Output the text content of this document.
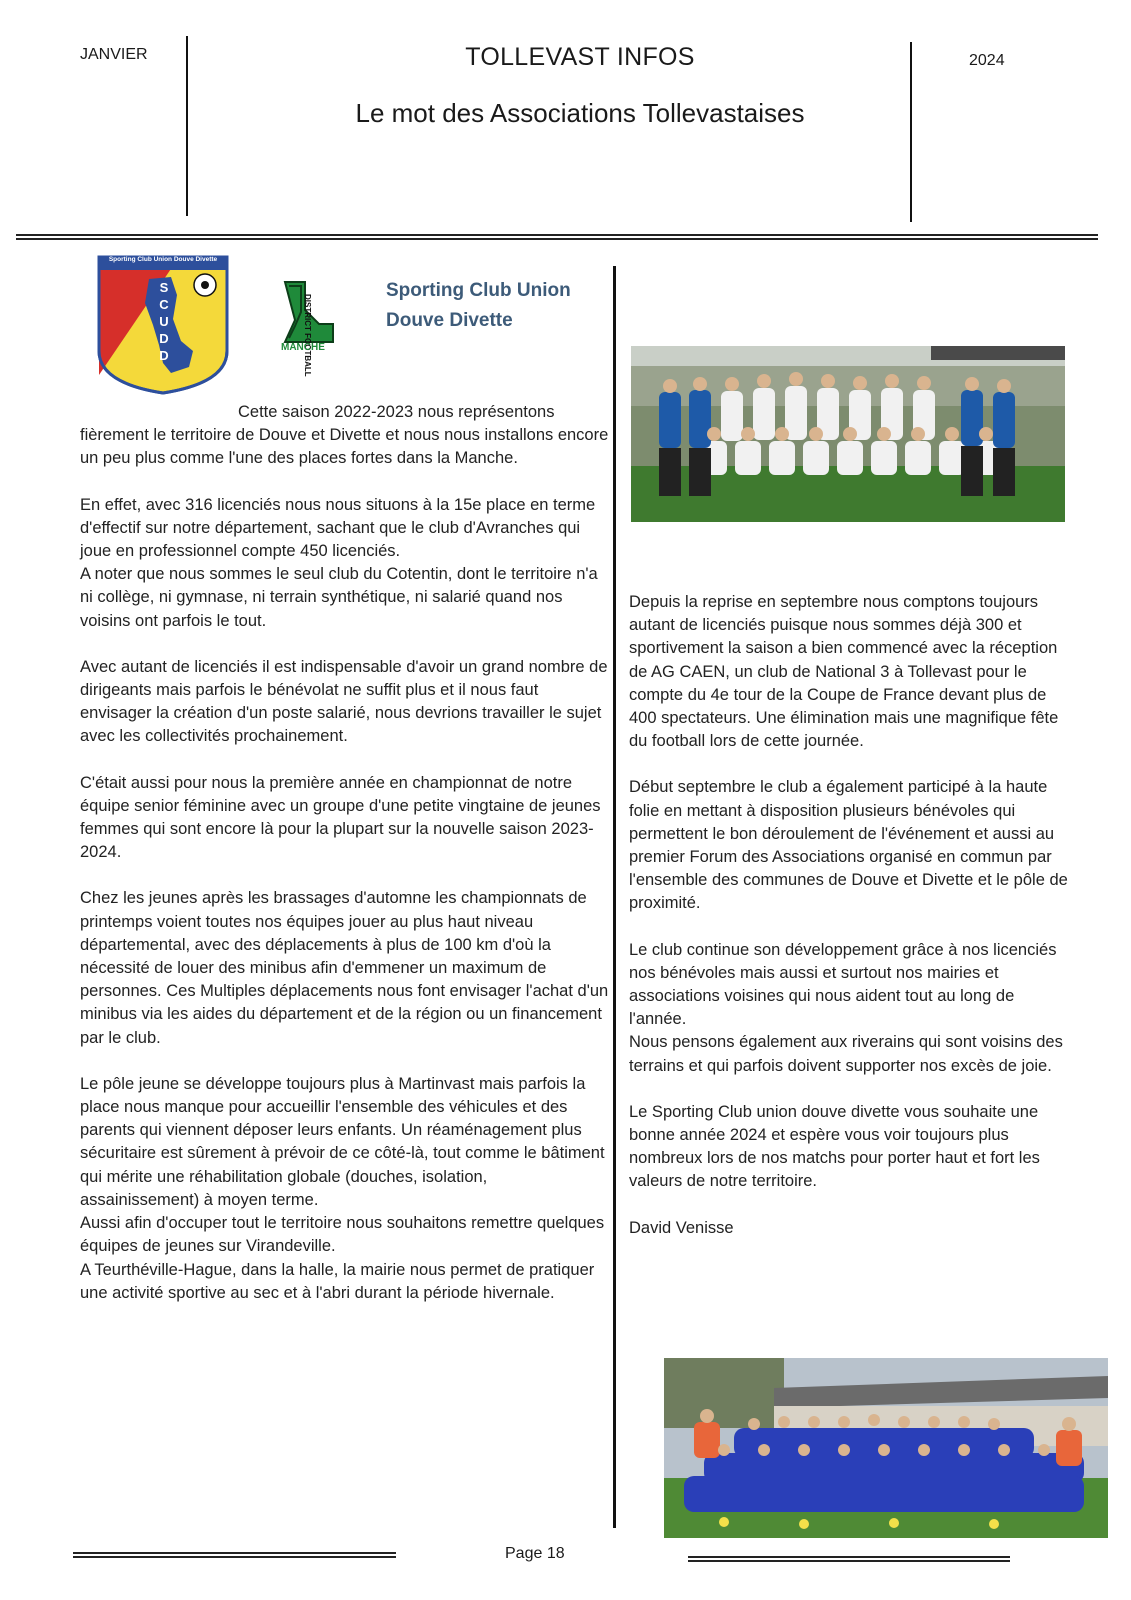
JANVIER	TOLLEVAST INFOS
Le mot des Associations Tollevastaises
2024
Sporting Club Union Douve Divette
S
C
U
D
D
MANCHE
Sporting Club Union
Douve Divette

Cette saison 2022-2023 nous représentons fièrement le territoire de Douve et Divette et nous nous installons encore un peu plus comme l'une des places fortes dans la Manche.

En effet, avec 316 licenciés nous nous situons à la 15e place en terme d'effectif sur notre département, sachant que le club d'Avranches qui joue en professionnel compte 450 licenciés.

A noter que nous sommes le seul club du Cotentin, dont le territoire n'a ni collège, ni gymnase, ni terrain synthétique, ni salarié quand nos voisins ont parfois le tout.

Avec autant de licenciés il est indispensable d'avoir un grand nombre de dirigeants mais parfois le bénévolat ne suffit plus et il nous faut envisager la création d'un poste salarié, nous devrions travailler le sujet avec les collectivités prochainement.

C'était aussi pour nous la première année en championnat de notre équipe senior féminine avec un groupe d'une petite vingtaine de jeunes femmes qui sont encore là pour la plupart sur la nouvelle saison 2023-2024.

Chez les jeunes après les brassages d'automne les championnats de printemps voient toutes nos équipes jouer au plus haut niveau départemental, avec des déplacements à plus de 100 km d'où la nécessité de louer des minibus afin d'emmener un maximum de personnes. Ces Multiples déplacements nous font envisager l'achat d'un minibus via les aides du département et de la région ou un financement par le club.

Le pôle jeune se développe toujours plus à Martinvast mais parfois la place nous manque pour accueillir l'ensemble des véhicules et des parents qui viennent déposer leurs enfants. Un réaménagement plus sécuritaire est sûrement à prévoir de ce côté-là, tout comme le bâtiment qui mérite une réhabilitation globale (douches, isolation, assainissement) à moyen terme.

Aussi afin d'occuper tout le territoire nous souhaitons remettre quelques équipes de jeunes sur Virandeville.

A Teurthéville-Hague, dans la halle, la mairie nous permet de pratiquer une activité sportive au sec et à l'abri durant la période hivernale.

Depuis la reprise en septembre nous comptons toujours autant de licenciés puisque nous sommes déjà 300 et sportivement la saison a bien commencé avec la réception de AG CAEN, un club de National 3 à Tollevast pour le compte du 4e tour de la Coupe de France devant plus de 400 spectateurs. Une élimination mais une magnifique fête du football lors de cette journée.

Début septembre le club a également participé à la haute folie en mettant à disposition plusieurs bénévoles qui permettent le bon déroulement de l'événement et aussi au premier Forum des Associations organisé en commun par l'ensemble des communes de Douve et Divette et le pôle de proximité.

Le club continue son développement grâce à nos licenciés nos bénévoles mais aussi et surtout nos mairies et associations voisines qui nous aident tout au long de l'année.

Nous pensons également aux riverains qui sont voisins des terrains et qui parfois doivent supporter nos excès de joie.

Le Sporting Club union douve divette vous souhaite une bonne année 2024 et espère vous voir toujours plus nombreux lors de nos matchs pour porter haut et fort les valeurs de notre territoire.

David Venisse

Page 18
